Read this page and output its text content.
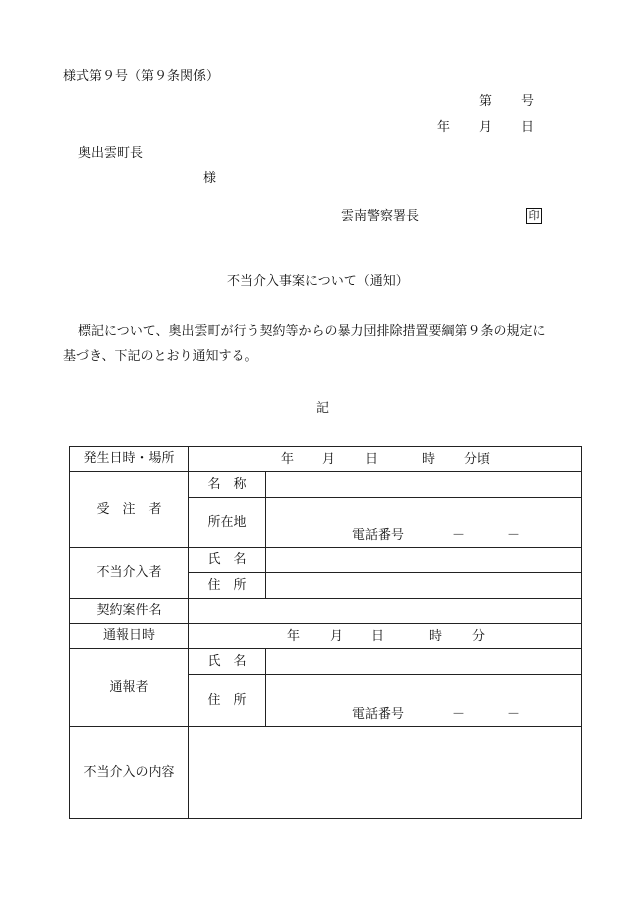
様式第９号（第９条関係）
第 号
年 月 日
奥出雲町長
様
雲南警察署長	印
不当介入事案について（通知）
標記について、奥出雲町が行う契約等からの暴力団排除措置要綱第９条の規定に
基づき、下記のとおり通知する。
記
発生日時・場所	年 月 日 時 分頃	

受　注　者	名　称	
	所在地	電話番号 － －

不当介入者	氏　名	
	住　所	
契約案件名		
通報日時	年 月 日 時 分	

通報者	氏　名	
	住　所	電話番号 － －

不当介入の内容		
